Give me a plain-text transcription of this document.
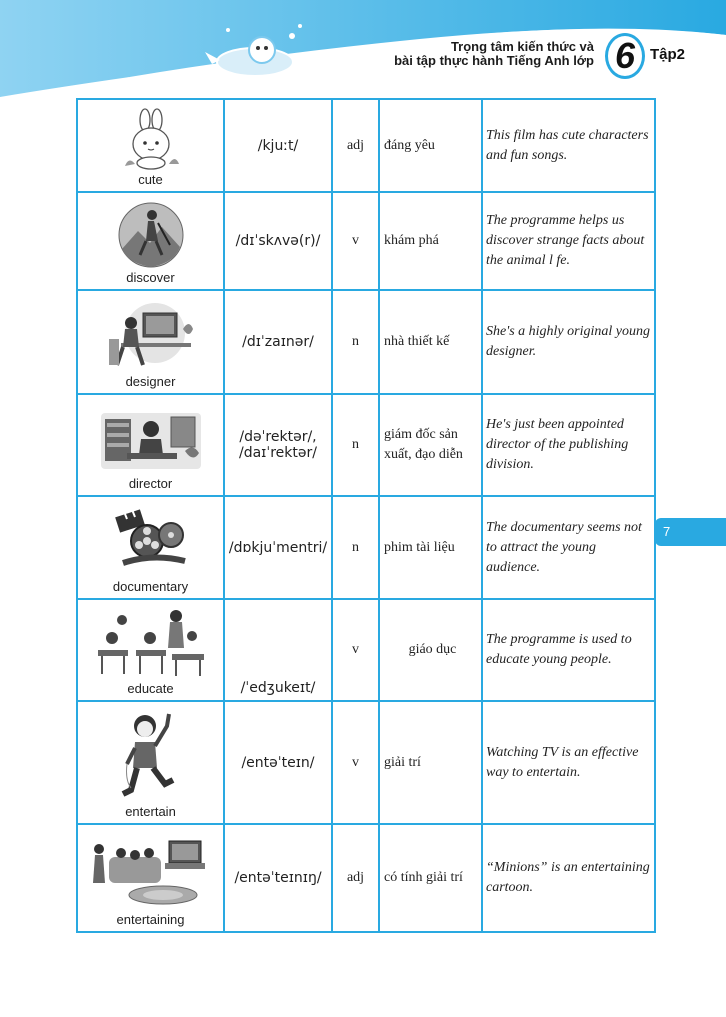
Trọng tâm kiến thức và
bài tập thực hành Tiếng Anh lớp 6 Tập2
7
cute	/kjuːt/	adj	đáng yêu	This film has cute characters and fun songs.

discover	/dɪˈskʌvə(r)/	v	khám phá	The programme helps us discover strange facts about the animal l fe.

designer	/dɪˈzaɪnər/	n	nhà thiết kế	She's a highly original young designer.

director	/dəˈrektər/,
/daɪˈrektər/	n	giám đốc sản xuất, đạo diễn	He's just been appointed director of the publishing division.

documentary	/dɒkjuˈmentri/	n	phim tài liệu	The documentary seems not to attract the young audience.

educate	/ˈedʒukeɪt/	v	giáo dục	The programme is used to educate young people.

entertain	/entəˈteɪn/	v	giải trí	Watching TV is an effective way to entertain.

entertaining	/entəˈteɪnɪŋ/	adj	có tính giải trí	“Minions” is an entertaining cartoon.
